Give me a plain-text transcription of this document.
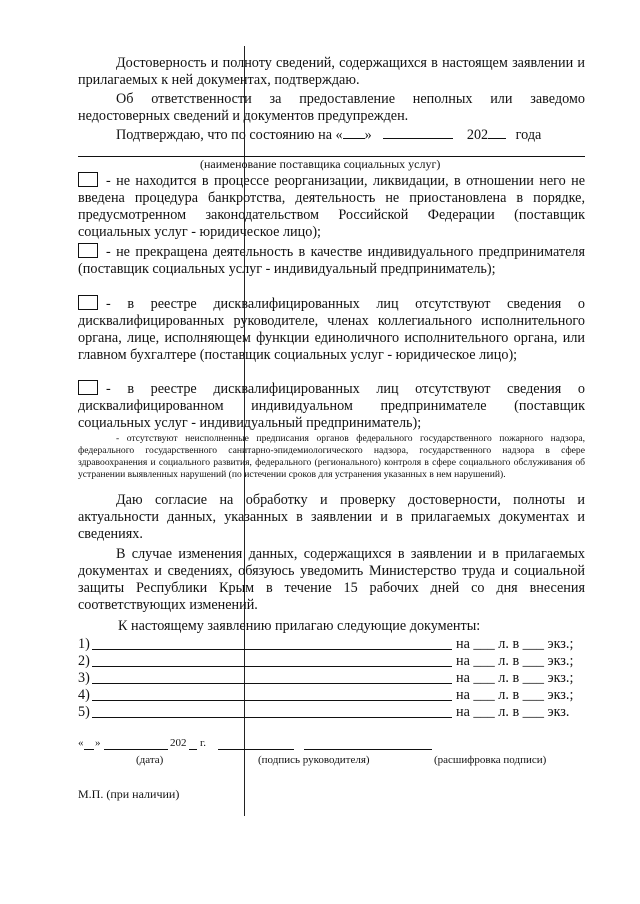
Достоверность и полноту сведений, содержащихся в настоящем заявлении и прилагаемых к ней документах, подтверждаю.

Об ответственности за предоставление неполных или заведомо недостоверных сведений и документов предупрежден.

Подтверждаю, что по состоянию на « »	202 года
(наименование поставщика социальных услуг)

- не находится в процессе реорганизации, ликвидации, в отношении него не введена процедура банкротства, деятельность не приостановлена в порядке, предусмотренном законодательством Российской Федерации (поставщик социальных услуг - юридическое лицо);

- не прекращена деятельность в качестве индивидуального предпринимателя (поставщик социальных услуг - индивидуальный предприниматель);

- в реестре дисквалифицированных лиц отсутствуют сведения о дисквалифицированных руководителе, членах коллегиального исполнительного органа, лице, исполняющем функции единоличного исполнительного органа, или главном бухгалтере (поставщик социальных услуг - юридическое лицо);

- в реестре дисквалифицированных лиц отсутствуют сведения о дисквалифицированном индивидуальном предпринимателе (поставщик социальных услуг - индивидуальный предприниматель);

- отсутствуют неисполненные предписания органов федерального государственного пожарного надзора, федерального государственного санитарно-эпидемиологического надзора, государственного надзора в сфере здравоохранения и социального развития, федерального (регионального) контроля в сфере социального обслуживания об устранении выявленных нарушений (по истечении сроков для устранения указанных в нем нарушений).

Даю согласие на обработку и проверку достоверности, полноты и актуальности данных, указанных в заявлении и в прилагаемых документах и сведениях.

В случае изменения данных, содержащихся в заявлении и в прилагаемых документах и сведениях, обязуюсь уведомить Министерство труда и социальной защиты Республики Крым в течение 15 рабочих дней со дня внесения соответствующих изменений.

К настоящему заявлению прилагаю следующие документы:

1)	на ___ л. в ___ экз.;
2)	на ___ л. в ___ экз.;
3)	на ___ л. в ___ экз.;
4)	на ___ л. в ___ экз.;
5)	на ___ л. в ___ экз.
« »	202 г.
(дата)	(подпись руководителя)	(расшифровка подписи)
М.П. (при наличии)
